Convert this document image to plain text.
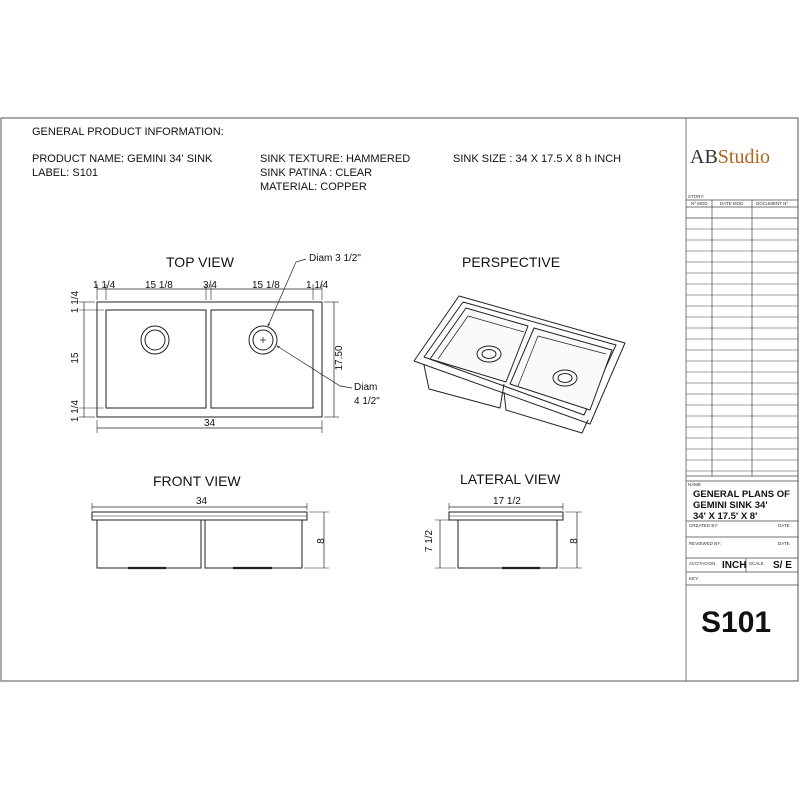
GENERAL PRODUCT INFORMATION:
PRODUCT NAME: GEMINI 34' SINK
LABEL: S101
SINK TEXTURE: HAMMERED
SINK PATINA : CLEAR
MATERIAL: COPPER
SINK SIZE : 34 X 17.5 X 8 h INCH
TOP VIEW	PERSPECTIVE
FRONT VIEW	LATERAL VIEW
1 1/4	15 1/8	3/4	15 1/8	1 1/4
34
1 1/4
15
1 1/4
17.50
Diam 3 1/2"
Diam
4 1/2"
34
8
17 1/2
8
7 1/2
ABStudio
STORY:
Nº MOD	DATE MOD	DOCUMENT Nº
NAME
GENERAL PLANS OF
GEMINI SINK 34'
34' X 17.5' X 8'
CREATED BY:	DATE
REVIEWED BY:	DATE
ACOTACION INCH SCALE S/ E
KEY:
S101
